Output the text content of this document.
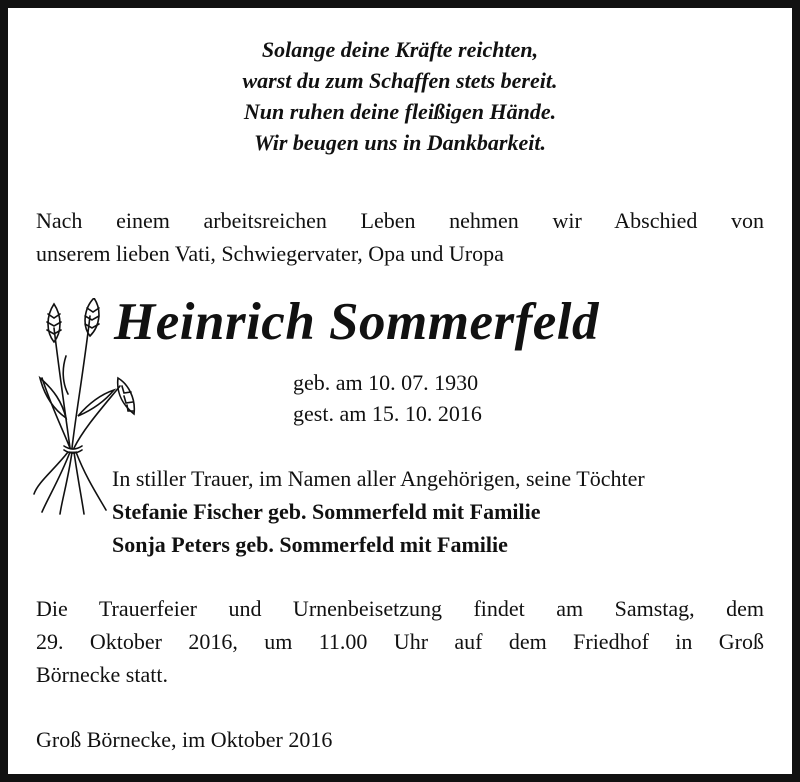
Solange deine Kräfte reichten,
warst du zum Schaffen stets bereit.
Nun ruhen deine fleißigen Hände.
Wir beugen uns in Dankbarkeit.
Nach einem arbeitsreichen Leben nehmen wir Abschied von
unserem lieben Vati, Schwiegervater, Opa und Uropa
Heinrich Sommerfeld
geb. am 10. 07. 1930
gest. am 15. 10. 2016
In stiller Trauer, im Namen aller Angehörigen, seine Töchter
Stefanie Fischer geb. Sommerfeld mit Familie
Sonja Peters geb. Sommerfeld mit Familie
Die Trauerfeier und Urnenbeisetzung findet am Samstag, dem
29. Oktober 2016, um 11.00 Uhr auf dem Friedhof in Groß
Börnecke statt.
Groß Börnecke, im Oktober 2016
